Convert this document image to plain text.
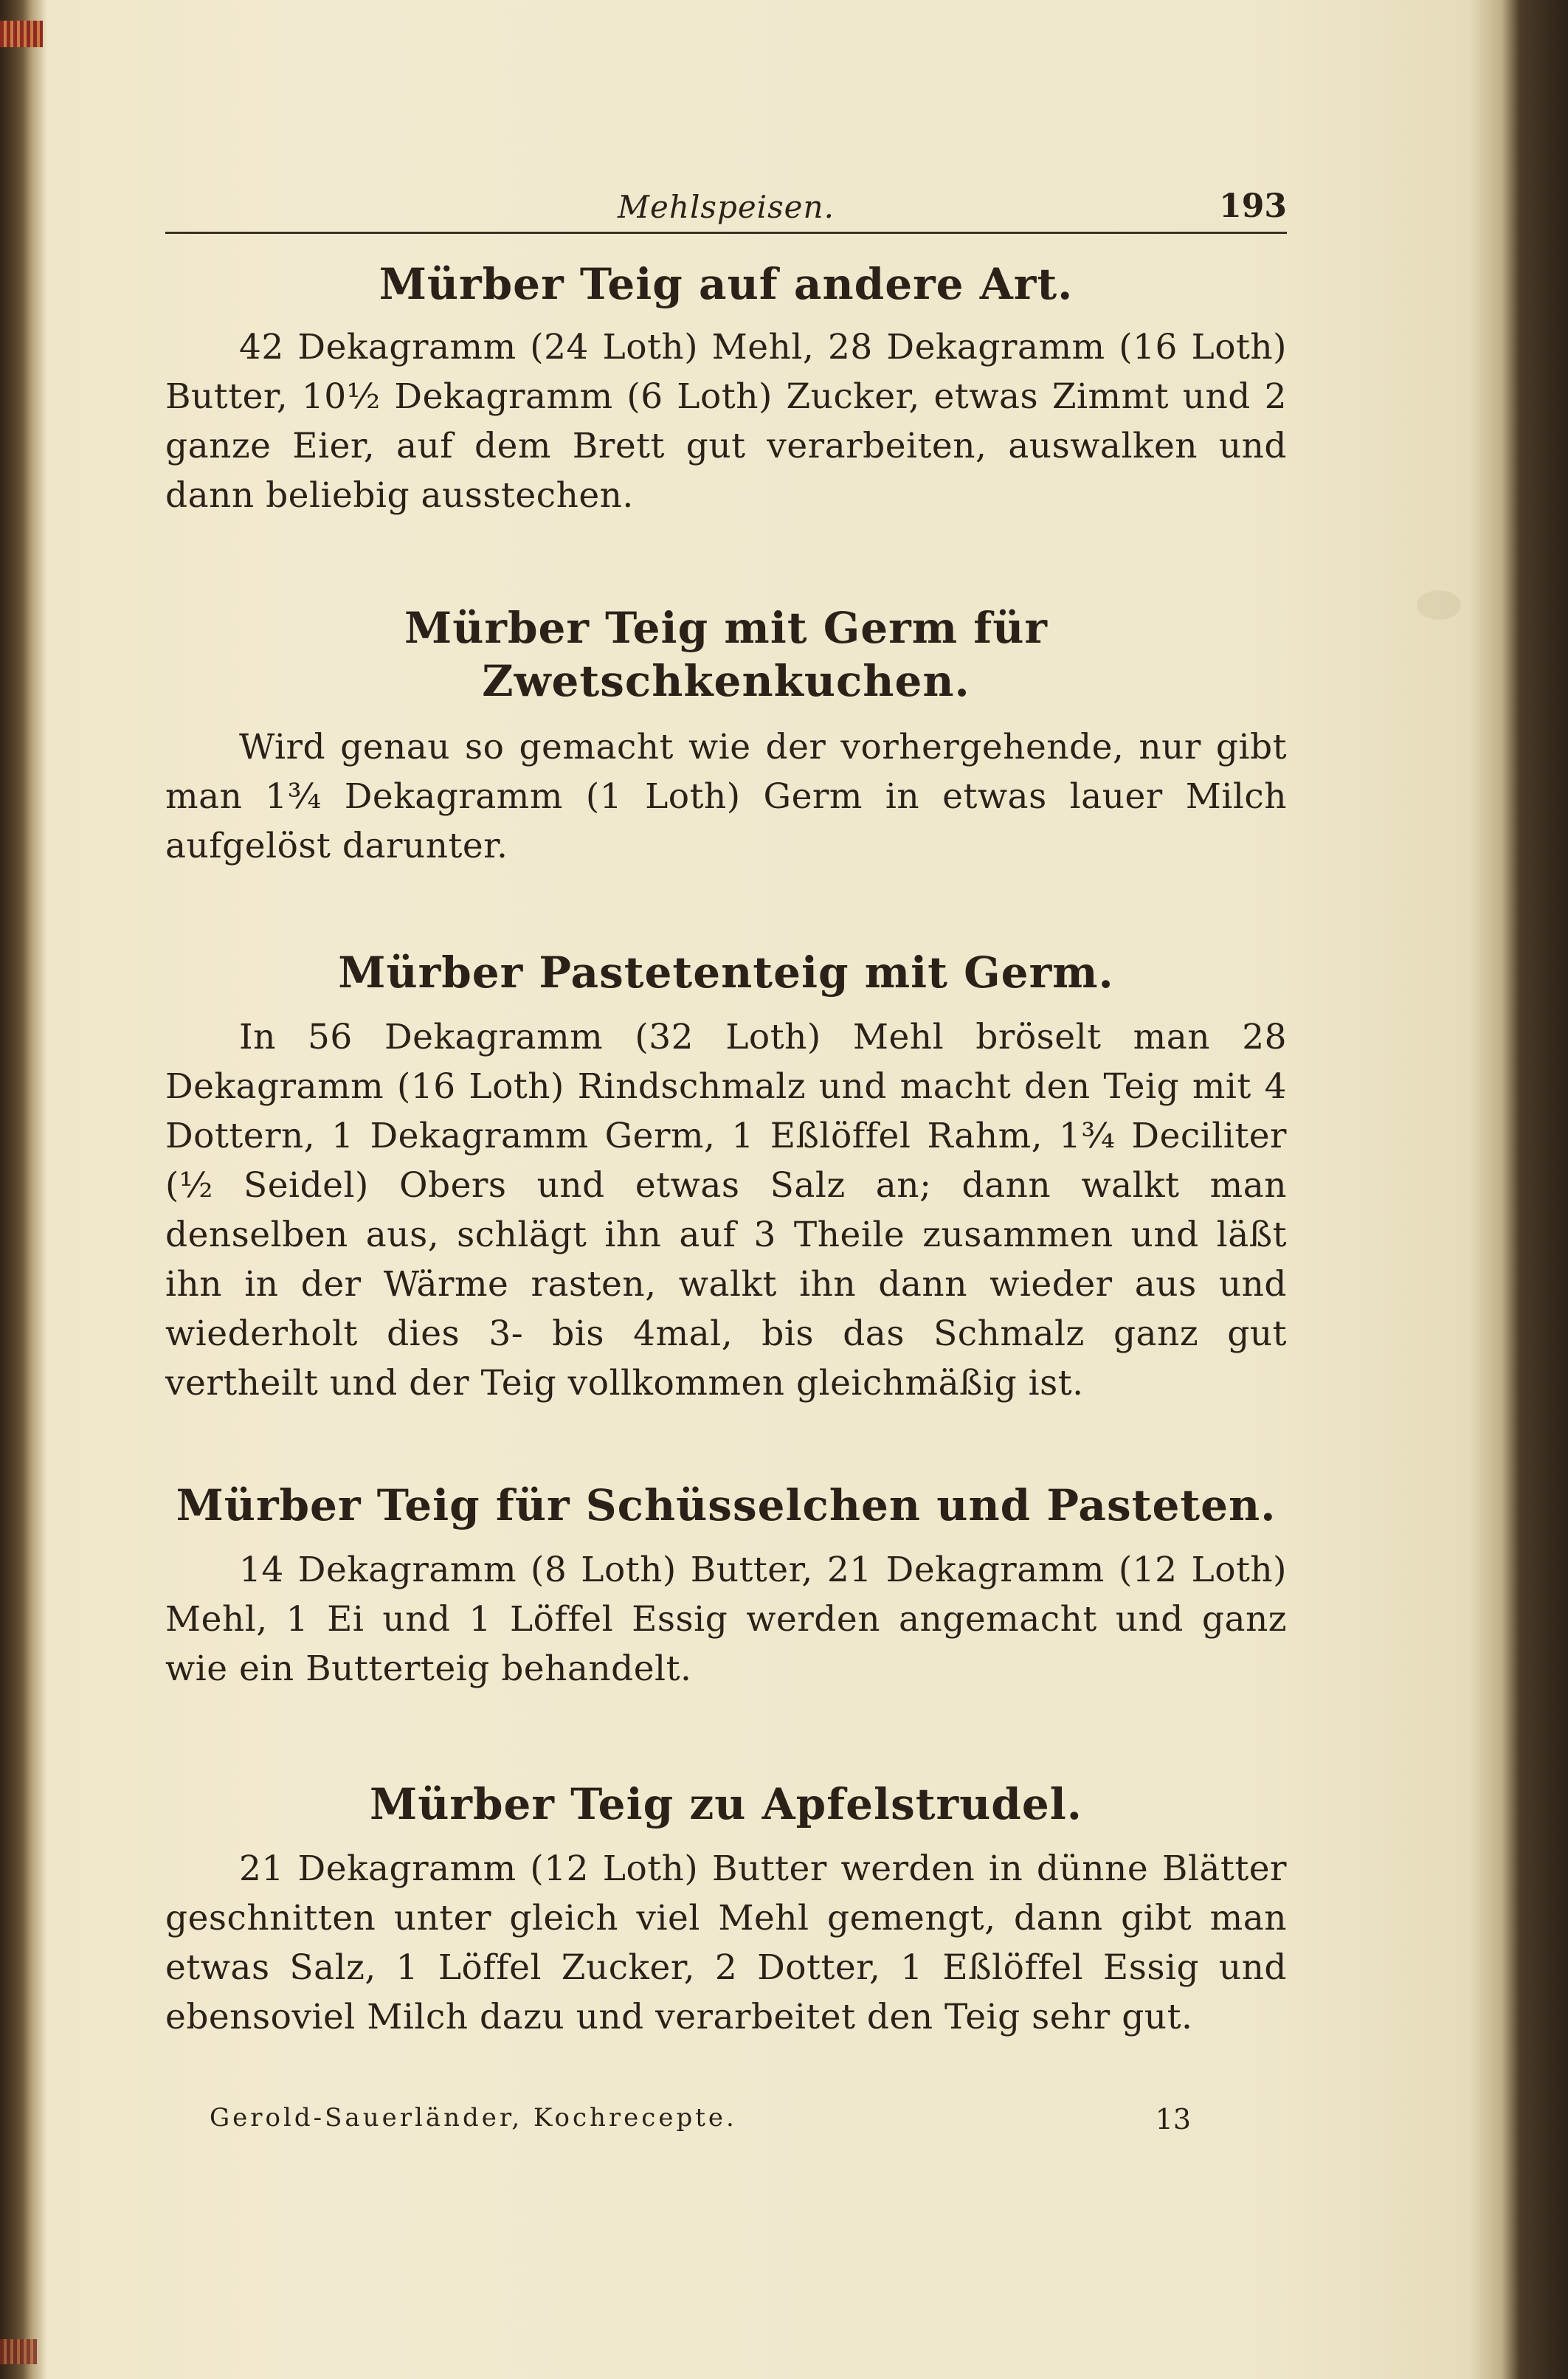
Mehlspeisen.	193
Mürber Teig auf andere Art.

42 Dekagramm (24 Loth) Mehl, 28 Dekagramm (16 Loth) Butter, 10½ Dekagramm (6 Loth) Zucker, etwas Zimmt und 2 ganze Eier, auf dem Brett gut verarbeiten, auswalken und dann beliebig ausstechen.

Mürber Teig mit Germ für Zwetschkenkuchen.

Wird genau so gemacht wie der vorhergehende, nur gibt man 1¾ Dekagramm (1 Loth) Germ in etwas lauer Milch aufgelöst darunter.

Mürber Pastetenteig mit Germ.

In 56 Dekagramm (32 Loth) Mehl bröselt man 28 Dekagramm (16 Loth) Rindschmalz und macht den Teig mit 4 Dottern, 1 Dekagramm Germ, 1 Eßlöffel Rahm, 1¾ Deciliter (½ Seidel) Obers und etwas Salz an; dann walkt man denselben aus, schlägt ihn auf 3 Theile zusammen und läßt ihn in der Wärme rasten, walkt ihn dann wieder aus und wiederholt dies 3- bis 4mal, bis das Schmalz ganz gut vertheilt und der Teig vollkommen gleichmäßig ist.

Mürber Teig für Schüsselchen und Pasteten.

14 Dekagramm (8 Loth) Butter, 21 Dekagramm (12 Loth) Mehl, 1 Ei und 1 Löffel Essig werden angemacht und ganz wie ein Butterteig behandelt.

Mürber Teig zu Apfelstrudel.

21 Dekagramm (12 Loth) Butter werden in dünne Blätter geschnitten unter gleich viel Mehl gemengt, dann gibt man etwas Salz, 1 Löffel Zucker, 2 Dotter, 1 Eßlöffel Essig und ebensoviel Milch dazu und verarbeitet den Teig sehr gut.

Gerold-Sauerländer, Kochrecepte.	13
